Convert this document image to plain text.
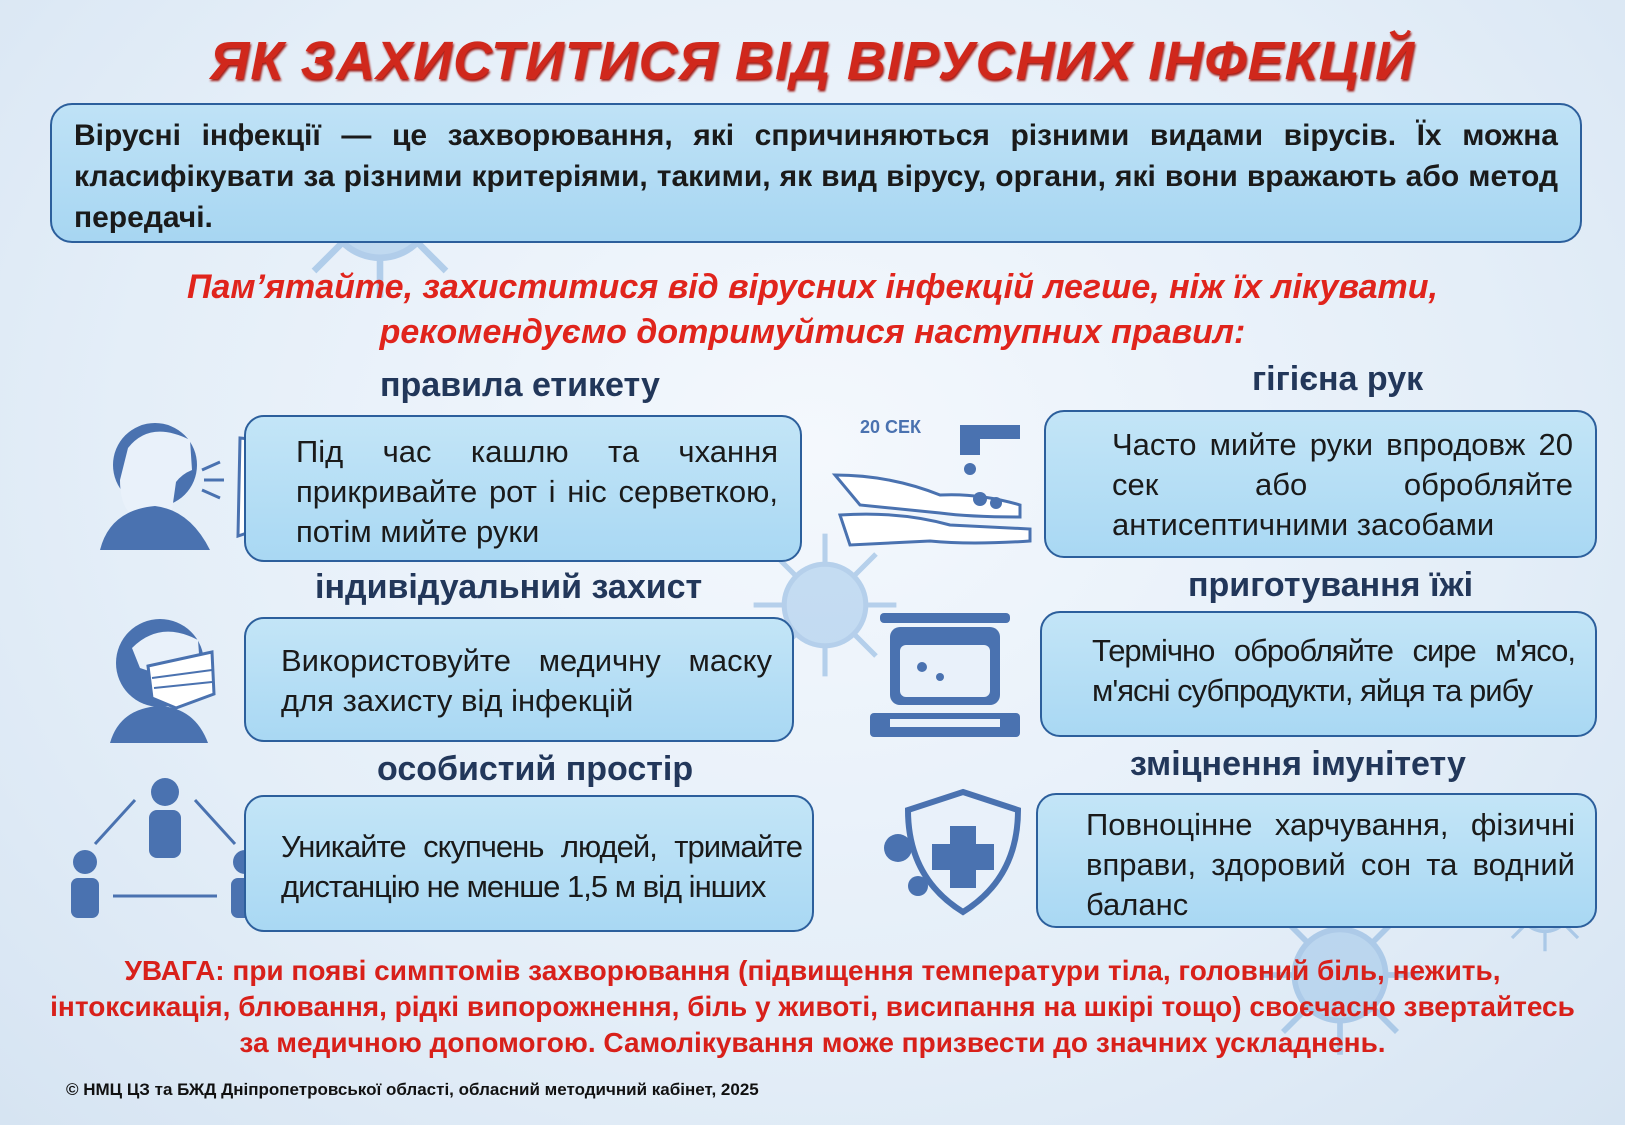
ЯК ЗАХИСТИТИСЯ ВІД ВІРУСНИХ ІНФЕКЦІЙ
Вірусні інфекції — це захворювання, які спричиняються різними видами вірусів. Їх можна класифікувати за різними критеріями, такими, як вид вірусу, органи, які вони вражають або метод передачі.
Пам’ятайте, захиститися від вірусних інфекцій легше, ніж їх лікувати,
рекомендуємо дотримуйтися наступних правил:
правила етикету
Під час кашлю та чхання прикривайте рот і ніс серветкою, потім мийте руки
індивідуальний захист
Використовуйте медичну маску для захисту від інфекцій
особистий простір
Уникайте скупчень людей, тримайте дистанцію не менше 1,5 м від інших
гігієна рук
20 СЕК	Часто мийте руки впродовж 20 сек або обробляйте антисептичними засобами
приготування їжі
Термічно обробляйте сире м'ясо, м'ясні субпродукти, яйця та рибу
зміцнення імунітету
Повноцінне харчування, фізичні вправи, здоровий сон та водний баланс
УВАГА: при появі симптомів захворювання (підвищення температури тіла, головний біль, нежить, інтоксикація, блювання, рідкі випорожнення, біль у животі, висипання на шкірі тощо) своєчасно звертайтесь за медичною допомогою. Самолікування може призвести до значних ускладнень.
© НМЦ ЦЗ та БЖД Дніпропетровської області, обласний методичний кабінет, 2025
